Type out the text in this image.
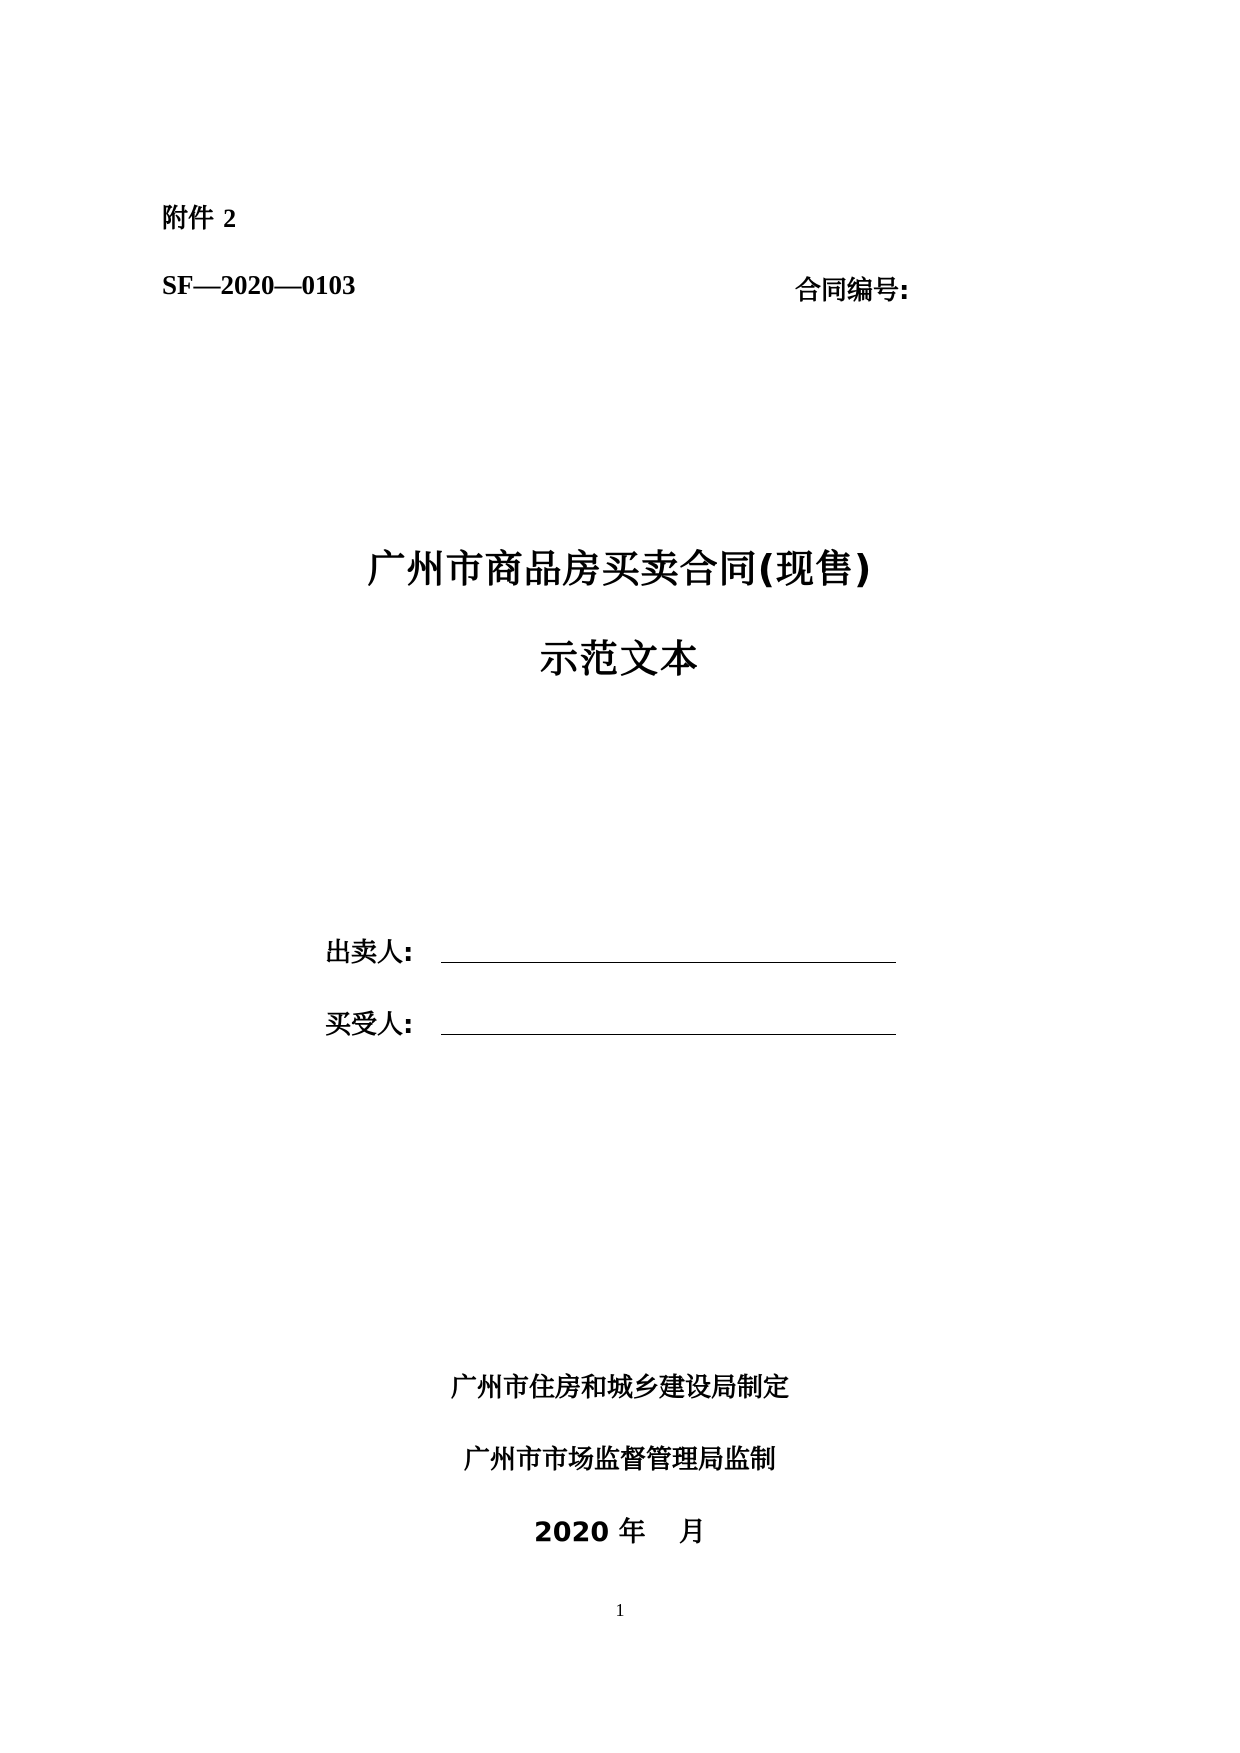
附件 2
SF—2020—0103	合同编号:
广州市商品房买卖合同(现售)
示范文本
出卖人:
买受人:
广州市住房和城乡建设局制定
广州市市场监督管理局监制
2020 年 月
1
